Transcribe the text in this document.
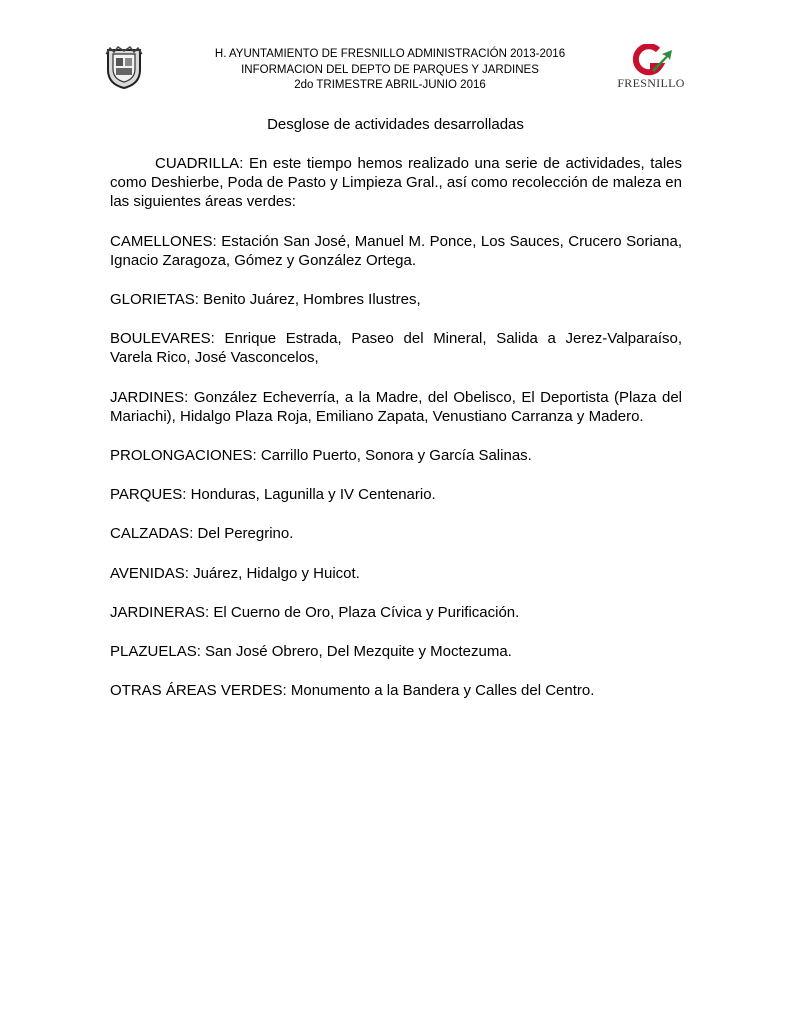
H. AYUNTAMIENTO DE FRESNILLO ADMINISTRACIÓN 2013-2016
INFORMACION DEL DEPTO DE PARQUES Y JARDINES
2do TRIMESTRE ABRIL-JUNIO 2016	FRESNILLO
Desglose de actividades desarrolladas

CUADRILLA: En este tiempo hemos realizado una serie de actividades, tales como Deshierbe, Poda de Pasto y Limpieza Gral., así como recolección de maleza en las siguientes áreas verdes:

CAMELLONES: Estación San José, Manuel M. Ponce, Los Sauces, Crucero Soriana, Ignacio Zaragoza, Gómez y González Ortega.

GLORIETAS: Benito Juárez, Hombres Ilustres,

BOULEVARES: Enrique Estrada, Paseo del Mineral, Salida a Jerez-Valparaíso, Varela Rico, José Vasconcelos,

JARDINES: González Echeverría, a la Madre, del Obelisco, El Deportista (Plaza del Mariachi), Hidalgo Plaza Roja, Emiliano Zapata, Venustiano Carranza y Madero.

PROLONGACIONES: Carrillo Puerto, Sonora y García Salinas.

PARQUES: Honduras, Lagunilla y IV Centenario.

CALZADAS: Del Peregrino.

AVENIDAS: Juárez, Hidalgo y Huicot.

JARDINERAS: El Cuerno de Oro, Plaza Cívica y Purificación.

PLAZUELAS: San José Obrero, Del Mezquite y Moctezuma.

OTRAS ÁREAS VERDES: Monumento a la Bandera y Calles del Centro.
